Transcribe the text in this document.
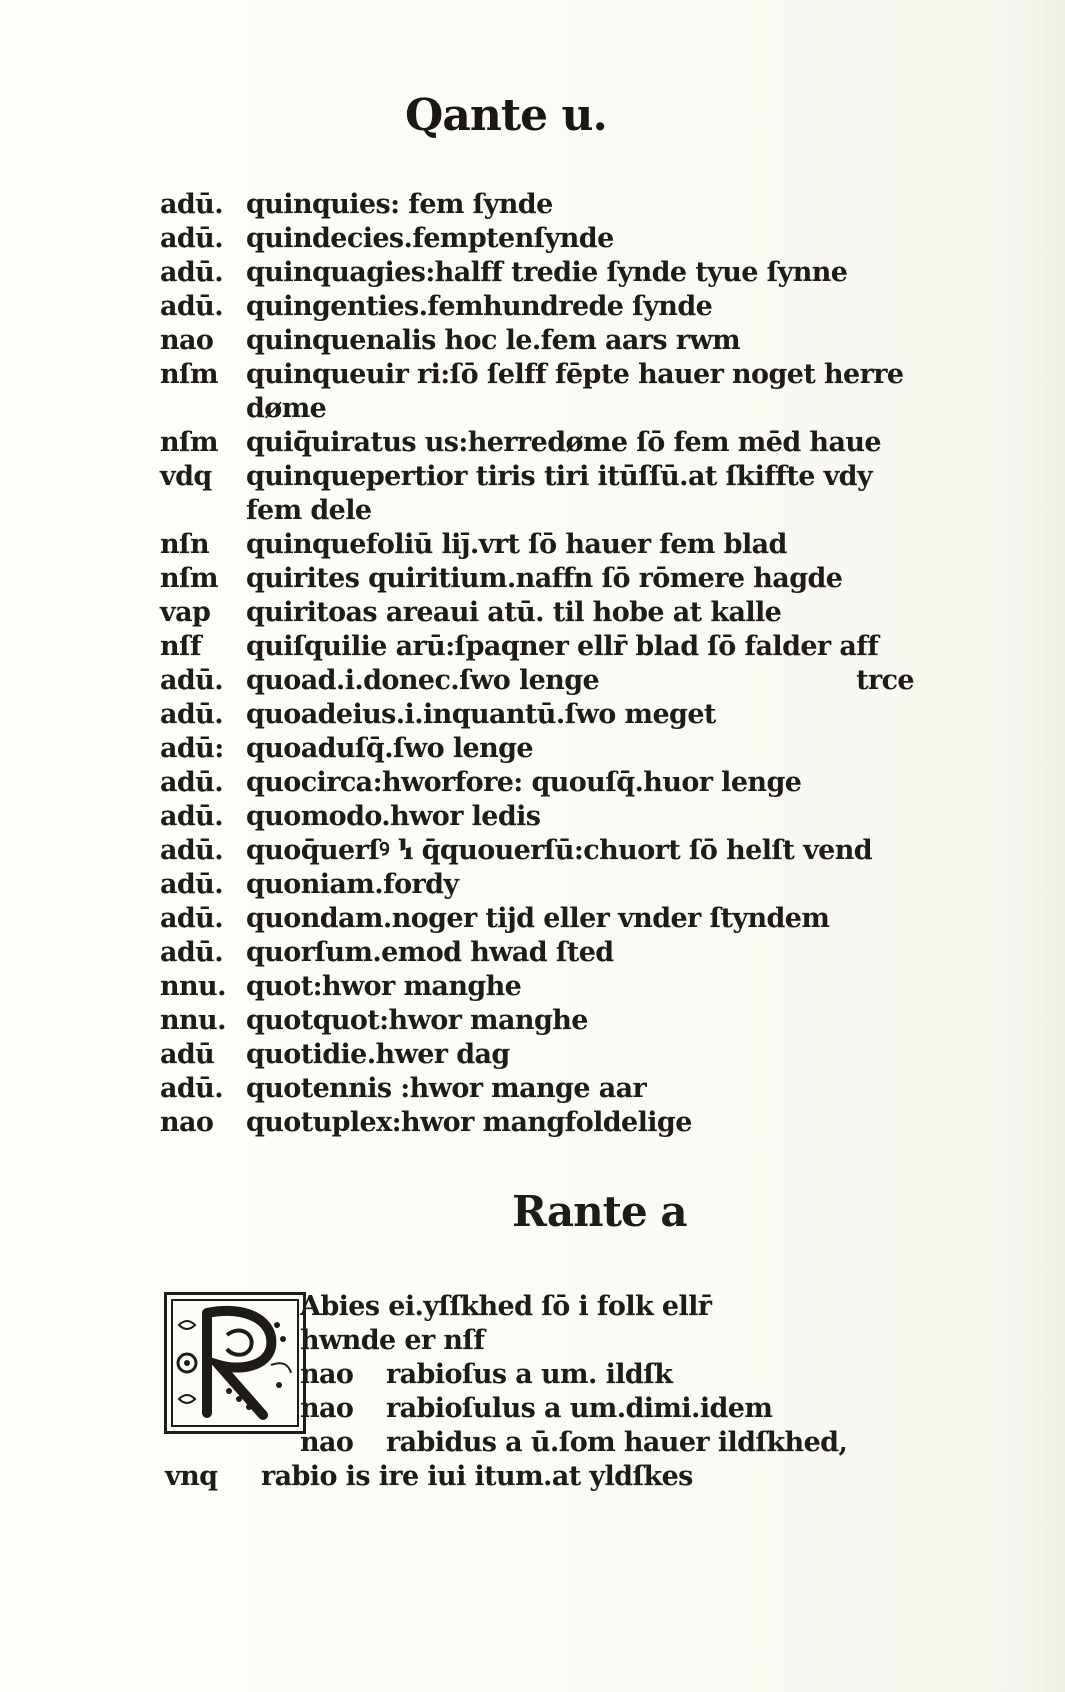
Qante u.
adū. quinquies: fem ſynde
adū. quindecies.femptenſynde
adū. quinquagies:halff tredie ſynde tyue ſynne
adū. quingenties.femhundrede ſynde
nao	quinquenalis hoc le.fem aars rwm
nſm	quinqueuir ri:ſō ſelff fēpte hauer noget herre
døme
nſm	quiq̄uiratus us:herredøme ſō fem mēd haue
vdq	quinquepertior tiris tiri itūſſū.at ſkiffte vdy
fem dele
nſn	quinquefoliū liȷ̄.vrt ſō hauer fem blad
nſm	quirites quiritium.naffn ſō rōmere hagde
vap	quiritoas areaui atū. til hobe at kalle
nſf	quiſquilie arū:ſpaqner ellr̄ blad ſō falder aff
adū. quoad.i.donec.ſwo lenge	trce
adū. quoadeius.i.inquantū.ſwo meget
adū: quoaduſq̄.ſwo lenge
adū. quocirca:hworfore: quouſq̄.huor lenge
adū. quomodo.hwor ledis
adū. quoq̄uerſꝰ ꝇ q̄quouerſū:chuort ſō helſt vend
adū. quoniam.fordy
adū. quondam.noger tijd eller vnder ſtyndem
adū. quorſum.emod hwad ſted
nnu. quot:hwor manghe
nnu. quotquot:hwor manghe
adū	quotidie.hwer dag
adū. quotennis :hwor mange aar
nao	quotuplex:hwor mangfoldelige
Rante a
Abies ei.yſſkhed ſō i folk ellr̄
hwnde er nſf
nao	rabioſus a um. ildſk
nao	rabioſulus a um.dimi.idem
nao	rabidus a ū.ſom hauer ildſkhed,
vnq	rabio is ire iui itum.at yldſkes
